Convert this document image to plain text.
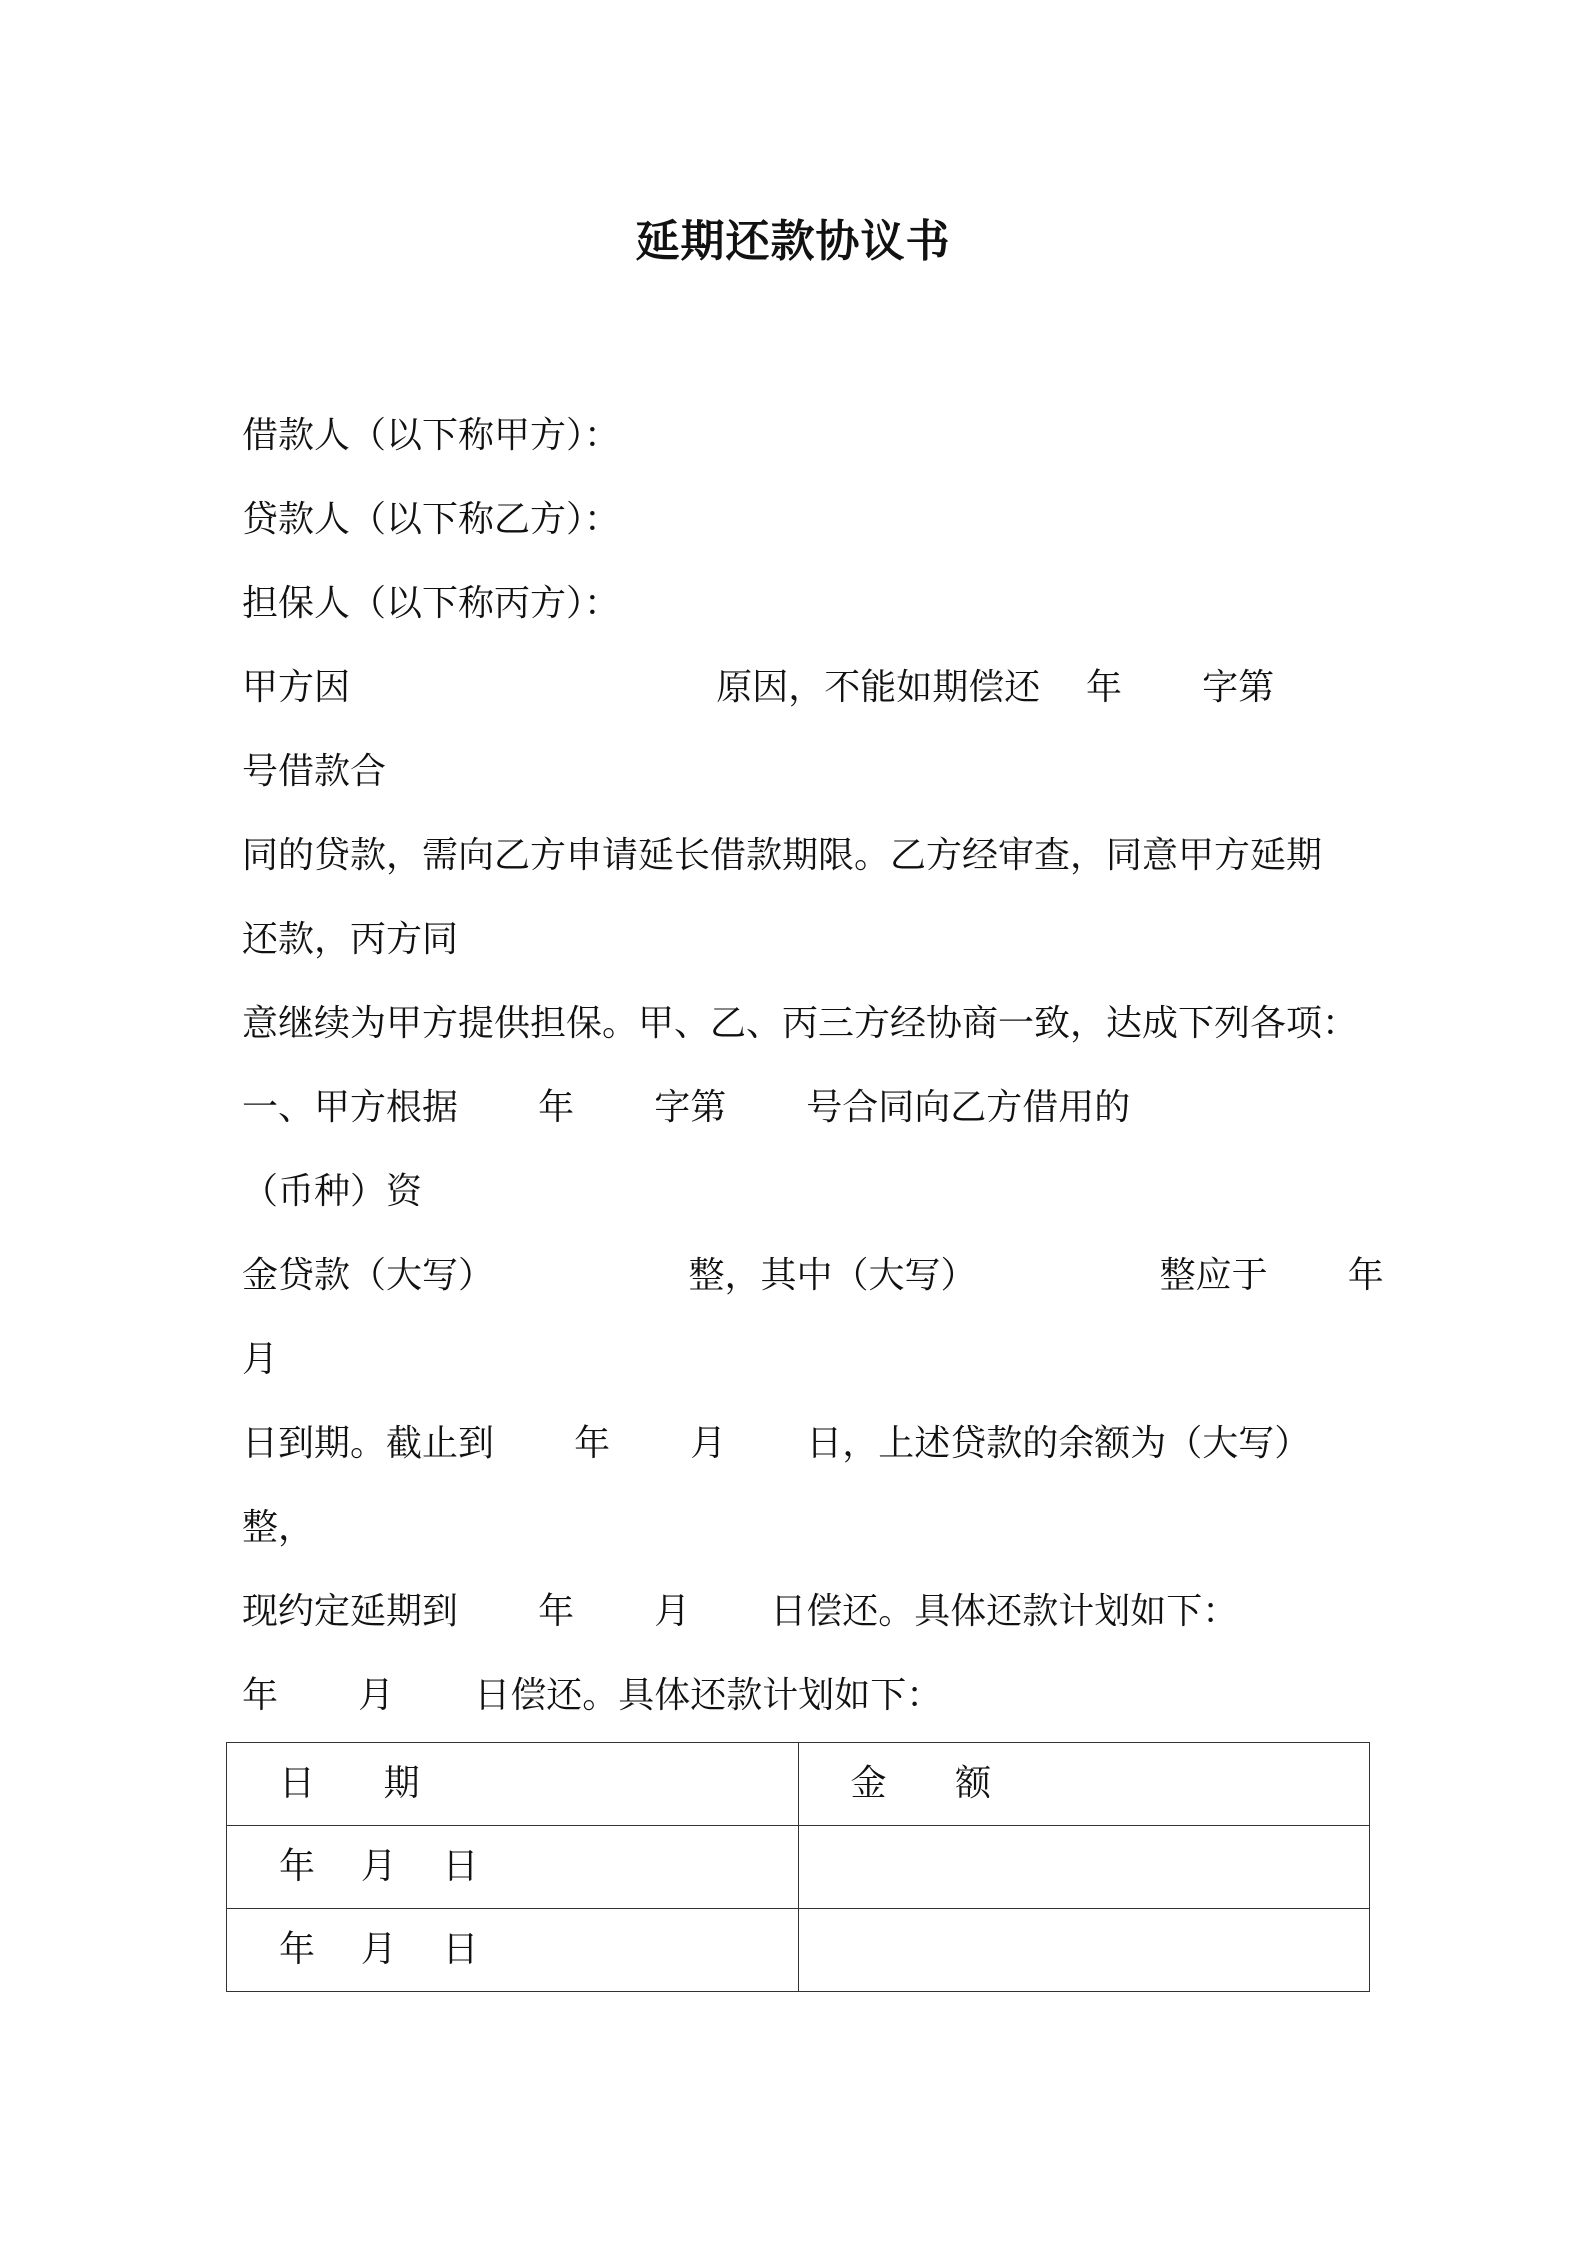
延期还款协议书
借款人（以下称甲方）：
贷款人（以下称乙方）：
担保人（以下称丙方）：
甲方因                                原因，不能如期偿还    年       字第
号借款合
同的贷款，需向乙方申请延长借款期限。乙方经审查，同意甲方延期
还款，丙方同
意继续为甲方提供担保。甲、乙、丙三方经协商一致，达成下列各项：
一、甲方根据       年       字第       号合同向乙方借用的
（币种）资
金贷款（大写）                 整，其中（大写）                整应于       年
月
日到期。截止到       年       月       日，上述贷款的余额为（大写）
整，
现约定延期到       年       月       日偿还。具体还款计划如下：
年       月       日偿还。具体还款计划如下：
日      期	金      额
年    月    日	
年    月    日	
